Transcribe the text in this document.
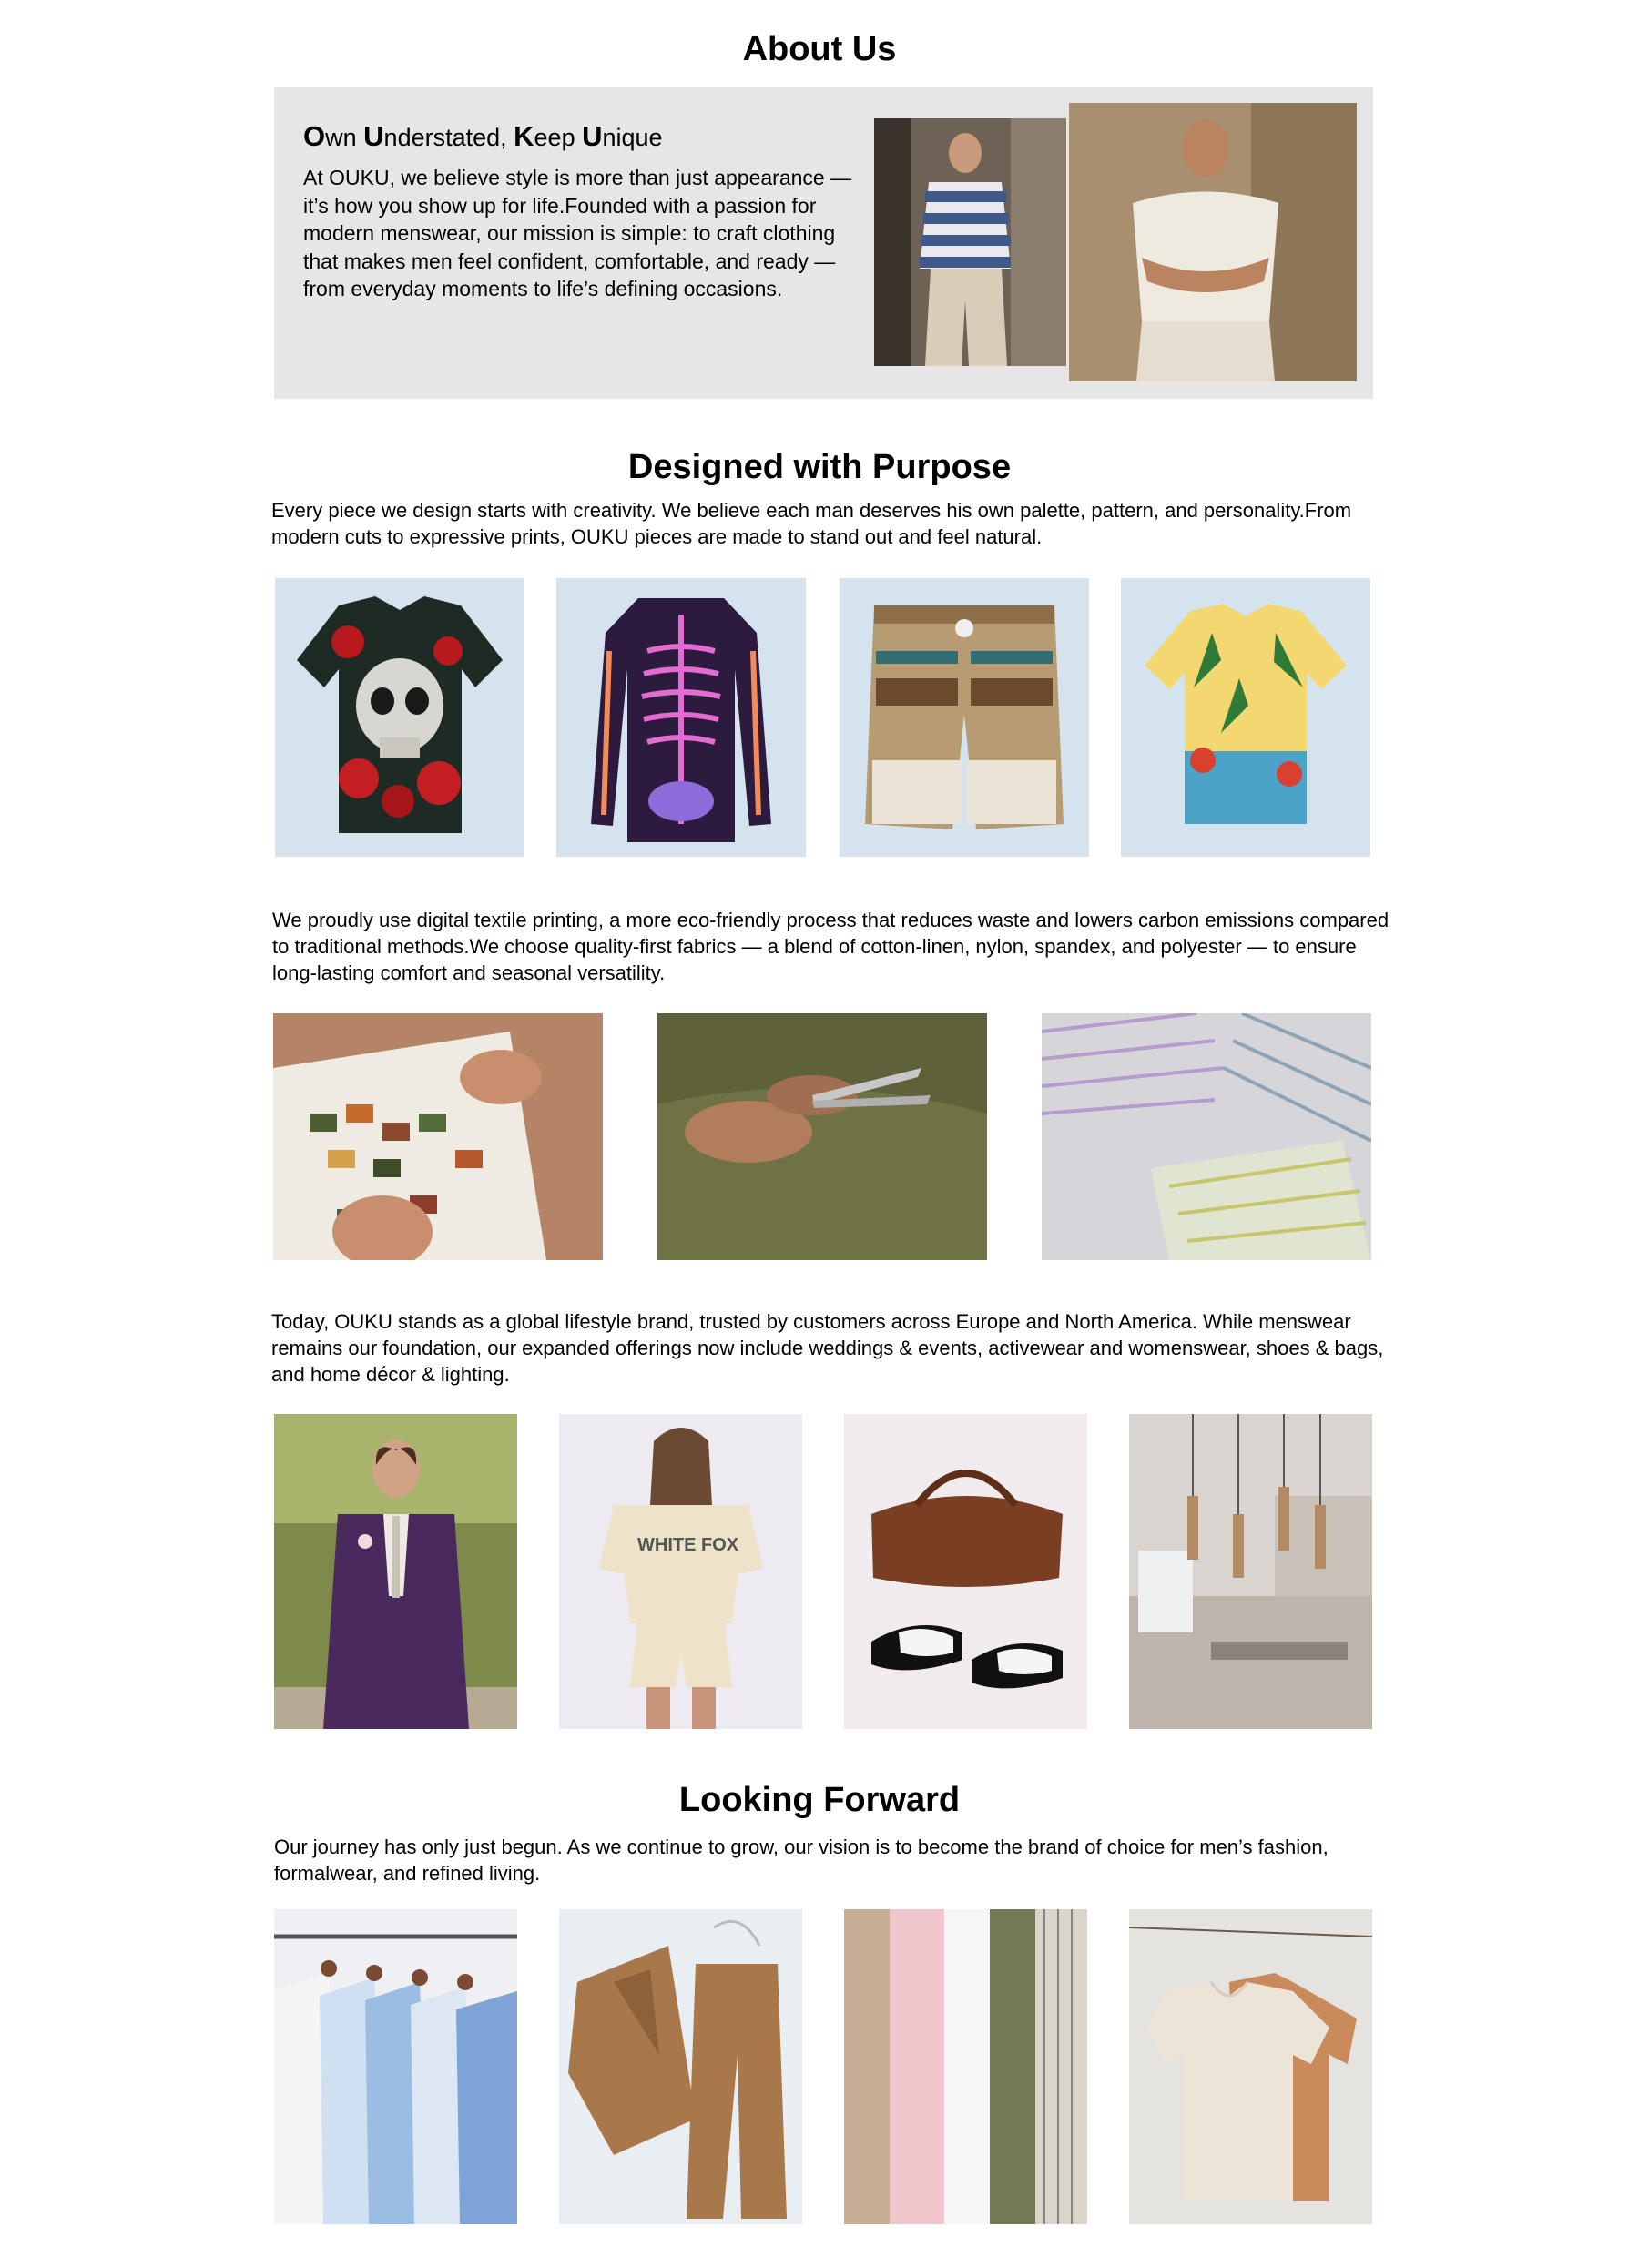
About Us
Own Understated, Keep Unique
At OUKU, we believe style is more than just appearance — it’s how you show up for life.Founded with a passion for modern menswear, our mission is simple: to craft clothing that makes men feel confident, comfortable, and ready — from everyday moments to life’s defining occasions.
Designed with Purpose
Every piece we design starts with creativity. We believe each man deserves his own palette, pattern, and personality.From modern cuts to expressive prints, OUKU pieces are made to stand out and feel natural.
We proudly use digital textile printing, a more eco-friendly process that reduces waste and lowers carbon emissions compared to traditional methods.We choose quality-first fabrics — a blend of cotton-linen, nylon, spandex, and polyester — to ensure long-lasting comfort and seasonal versatility.
Today, OUKU stands as a global lifestyle brand, trusted by customers across Europe and North America. While menswear remains our foundation, our expanded offerings now include weddings & events, activewear and womenswear, shoes & bags, and home décor & lighting.
WHITE FOX
Looking Forward
Our journey has only just begun. As we continue to grow, our vision is to become the brand of choice for men’s fashion, formalwear, and refined living.
